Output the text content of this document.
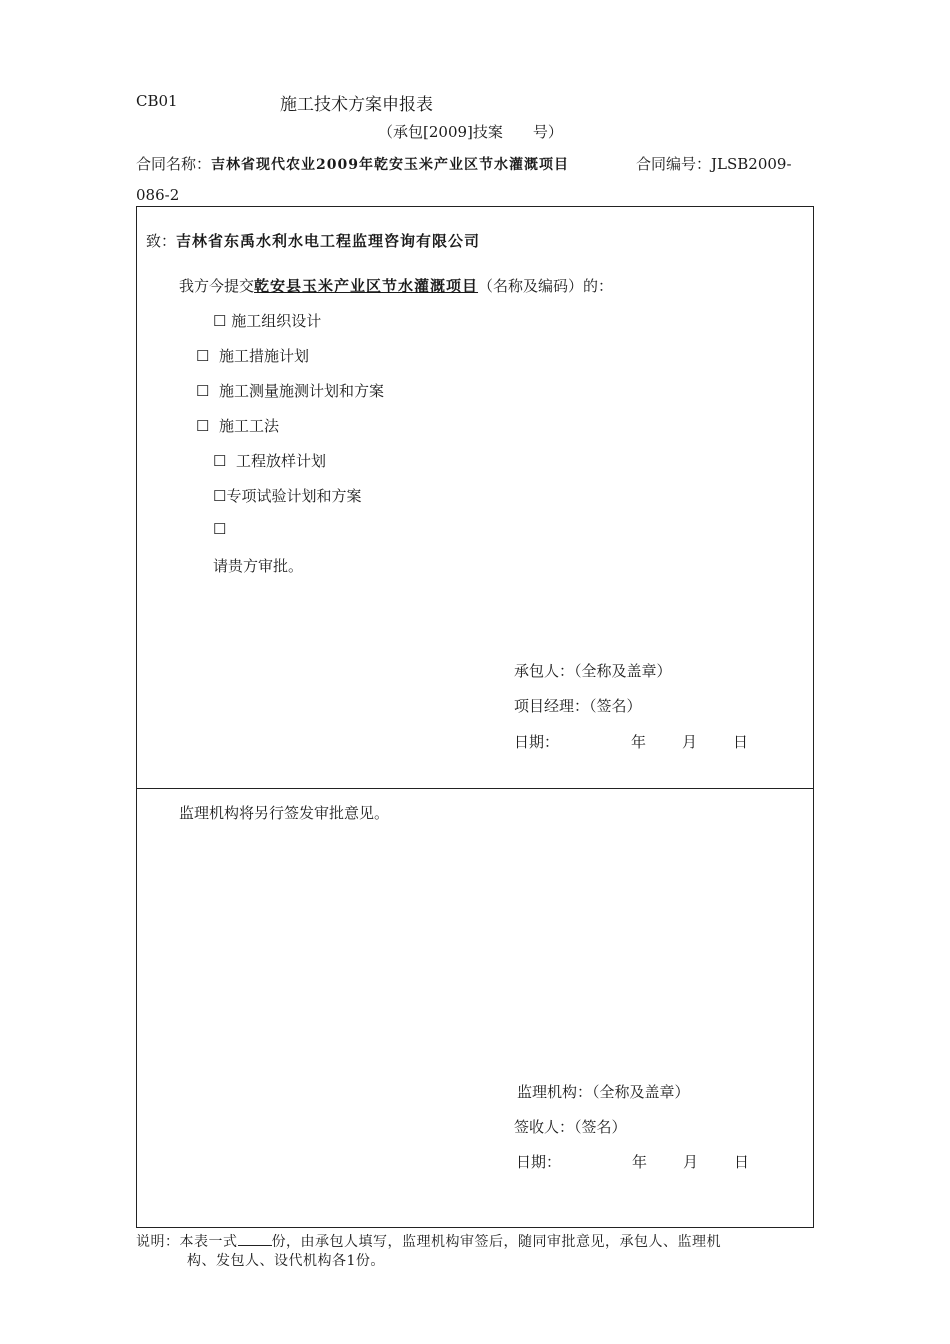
CB01	施工技术方案申报表
（承包[2009]技案　　号）
合同名称：吉林省现代农业2009年乾安玉米产业区节水灌溉项目	合同编号：JLSB2009-
086-2
致：吉林省东禹水利水电工程监理咨询有限公司
我方今提交乾安县玉米产业区节水灌溉项目（名称及编码）的：
☐ 施工组织设计
☐ 施工措施计划
☐ 施工测量施测计划和方案
☐ 施工工法
☐ 工程放样计划
☐专项试验计划和方案
☐
请贵方审批。
承包人：（全称及盖章）
项目经理：（签名）
日期：	年 月 日
监理机构将另行签发审批意见。
监理机构：（全称及盖章）
签收人：（签名）
日期：	年 月 日
说明：本表一式 份，由承包人填写，监理机构审签后，随同审批意见，承包人、监理机
构、发包人、设代机构各1份。
